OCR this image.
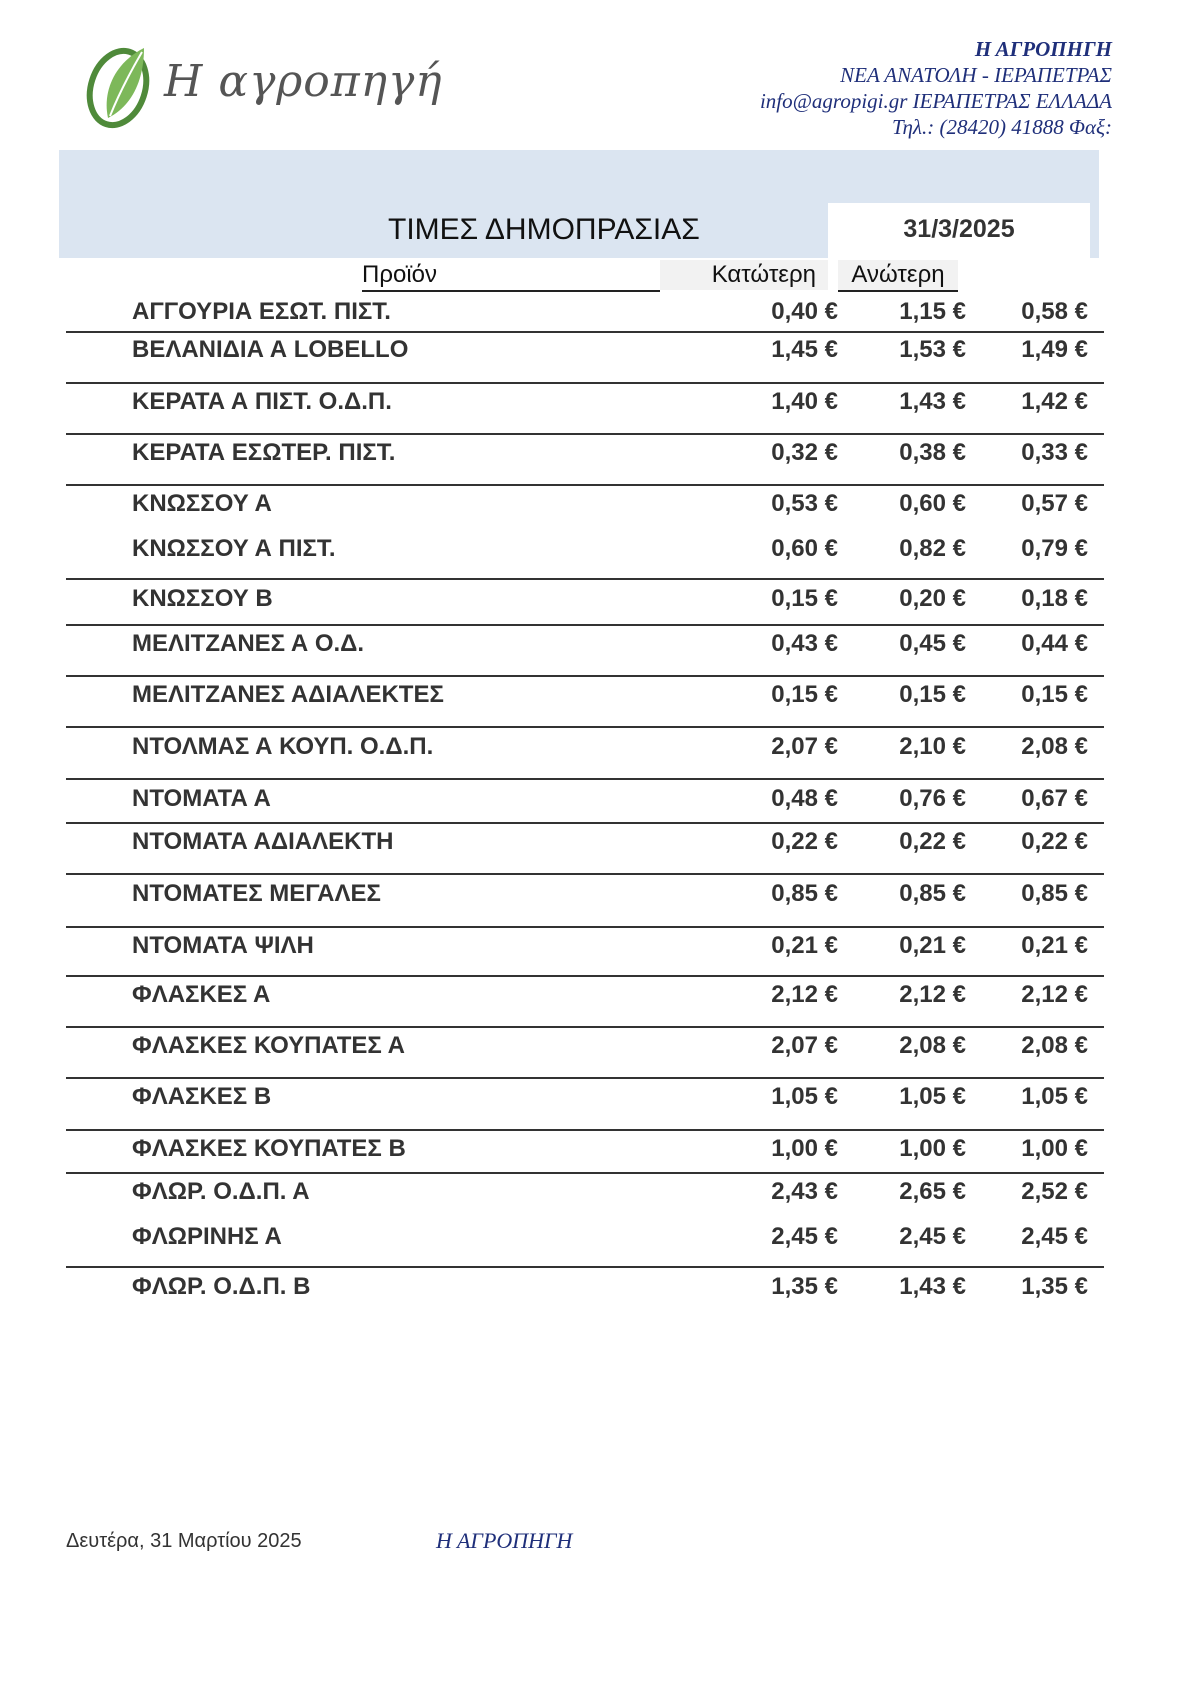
Η αγροπηγή
Η ΑΓΡΟΠΗΓΗ
ΝΕΑ ΑΝΑΤΟΛΗ - ΙΕΡΑΠΕΤΡΑΣ
info@agropigi.gr ΙΕΡΑΠΕΤΡΑΣ ΕΛΛΑΔΑ
Τηλ.: (28420) 41888 Φαξ:
31/3/2025
ΤΙΜΕΣ ΔΗΜΟΠΡΑΣΙΑΣ
Προϊόν	Κατώτερη	Ανώτερη
ΑΓΓΟΥΡΙΑ ΕΣΩΤ. ΠΙΣΤ.	0,40 €	1,15 € 0,58 €
ΒΕΛΑΝΙΔΙΑ Α LOBELLO	1,45 €	1,53 € 1,49 €
ΚΕΡΑΤΑ Α ΠΙΣΤ. Ο.Δ.Π.	1,40 €	1,43 € 1,42 €
ΚΕΡΑΤΑ ΕΣΩΤΕΡ. ΠΙΣΤ.	0,32 €	0,38 € 0,33 €
ΚΝΩΣΣΟΥ Α	0,53 €	0,60 € 0,57 €
ΚΝΩΣΣΟΥ Α ΠΙΣΤ.	0,60 €	0,82 € 0,79 €
ΚΝΩΣΣΟΥ Β	0,15 €	0,20 € 0,18 €
ΜΕΛΙΤΖΑΝΕΣ Α Ο.Δ.	0,43 €	0,45 € 0,44 €
ΜΕΛΙΤΖΑΝΕΣ ΑΔΙΑΛΕΚΤΕΣ	0,15 €	0,15 € 0,15 €
ΝΤΟΛΜΑΣ Α ΚΟΥΠ. Ο.Δ.Π.	2,07 €	2,10 € 2,08 €
ΝΤΟΜΑΤΑ Α	0,48 €	0,76 € 0,67 €
ΝΤΟΜΑΤΑ ΑΔΙΑΛΕΚΤΗ	0,22 €	0,22 € 0,22 €
ΝΤΟΜΑΤΕΣ ΜΕΓΑΛΕΣ	0,85 €	0,85 € 0,85 €
ΝΤΟΜΑΤΑ ΨΙΛΗ	0,21 €	0,21 € 0,21 €
ΦΛΑΣΚΕΣ Α	2,12 €	2,12 € 2,12 €
ΦΛΑΣΚΕΣ ΚΟΥΠΑΤΕΣ Α	2,07 €	2,08 € 2,08 €
ΦΛΑΣΚΕΣ Β	1,05 €	1,05 € 1,05 €
ΦΛΑΣΚΕΣ ΚΟΥΠΑΤΕΣ Β	1,00 €	1,00 € 1,00 €
ΦΛΩΡ. Ο.Δ.Π. Α	2,43 €	2,65 € 2,52 €
ΦΛΩΡΙΝΗΣ Α	2,45 €	2,45 € 2,45 €
ΦΛΩΡ. Ο.Δ.Π. Β	1,35 €	1,43 € 1,35 €
Δευτέρα, 31 Μαρτίου 2025	Η ΑΓΡΟΠΗΓΗ
